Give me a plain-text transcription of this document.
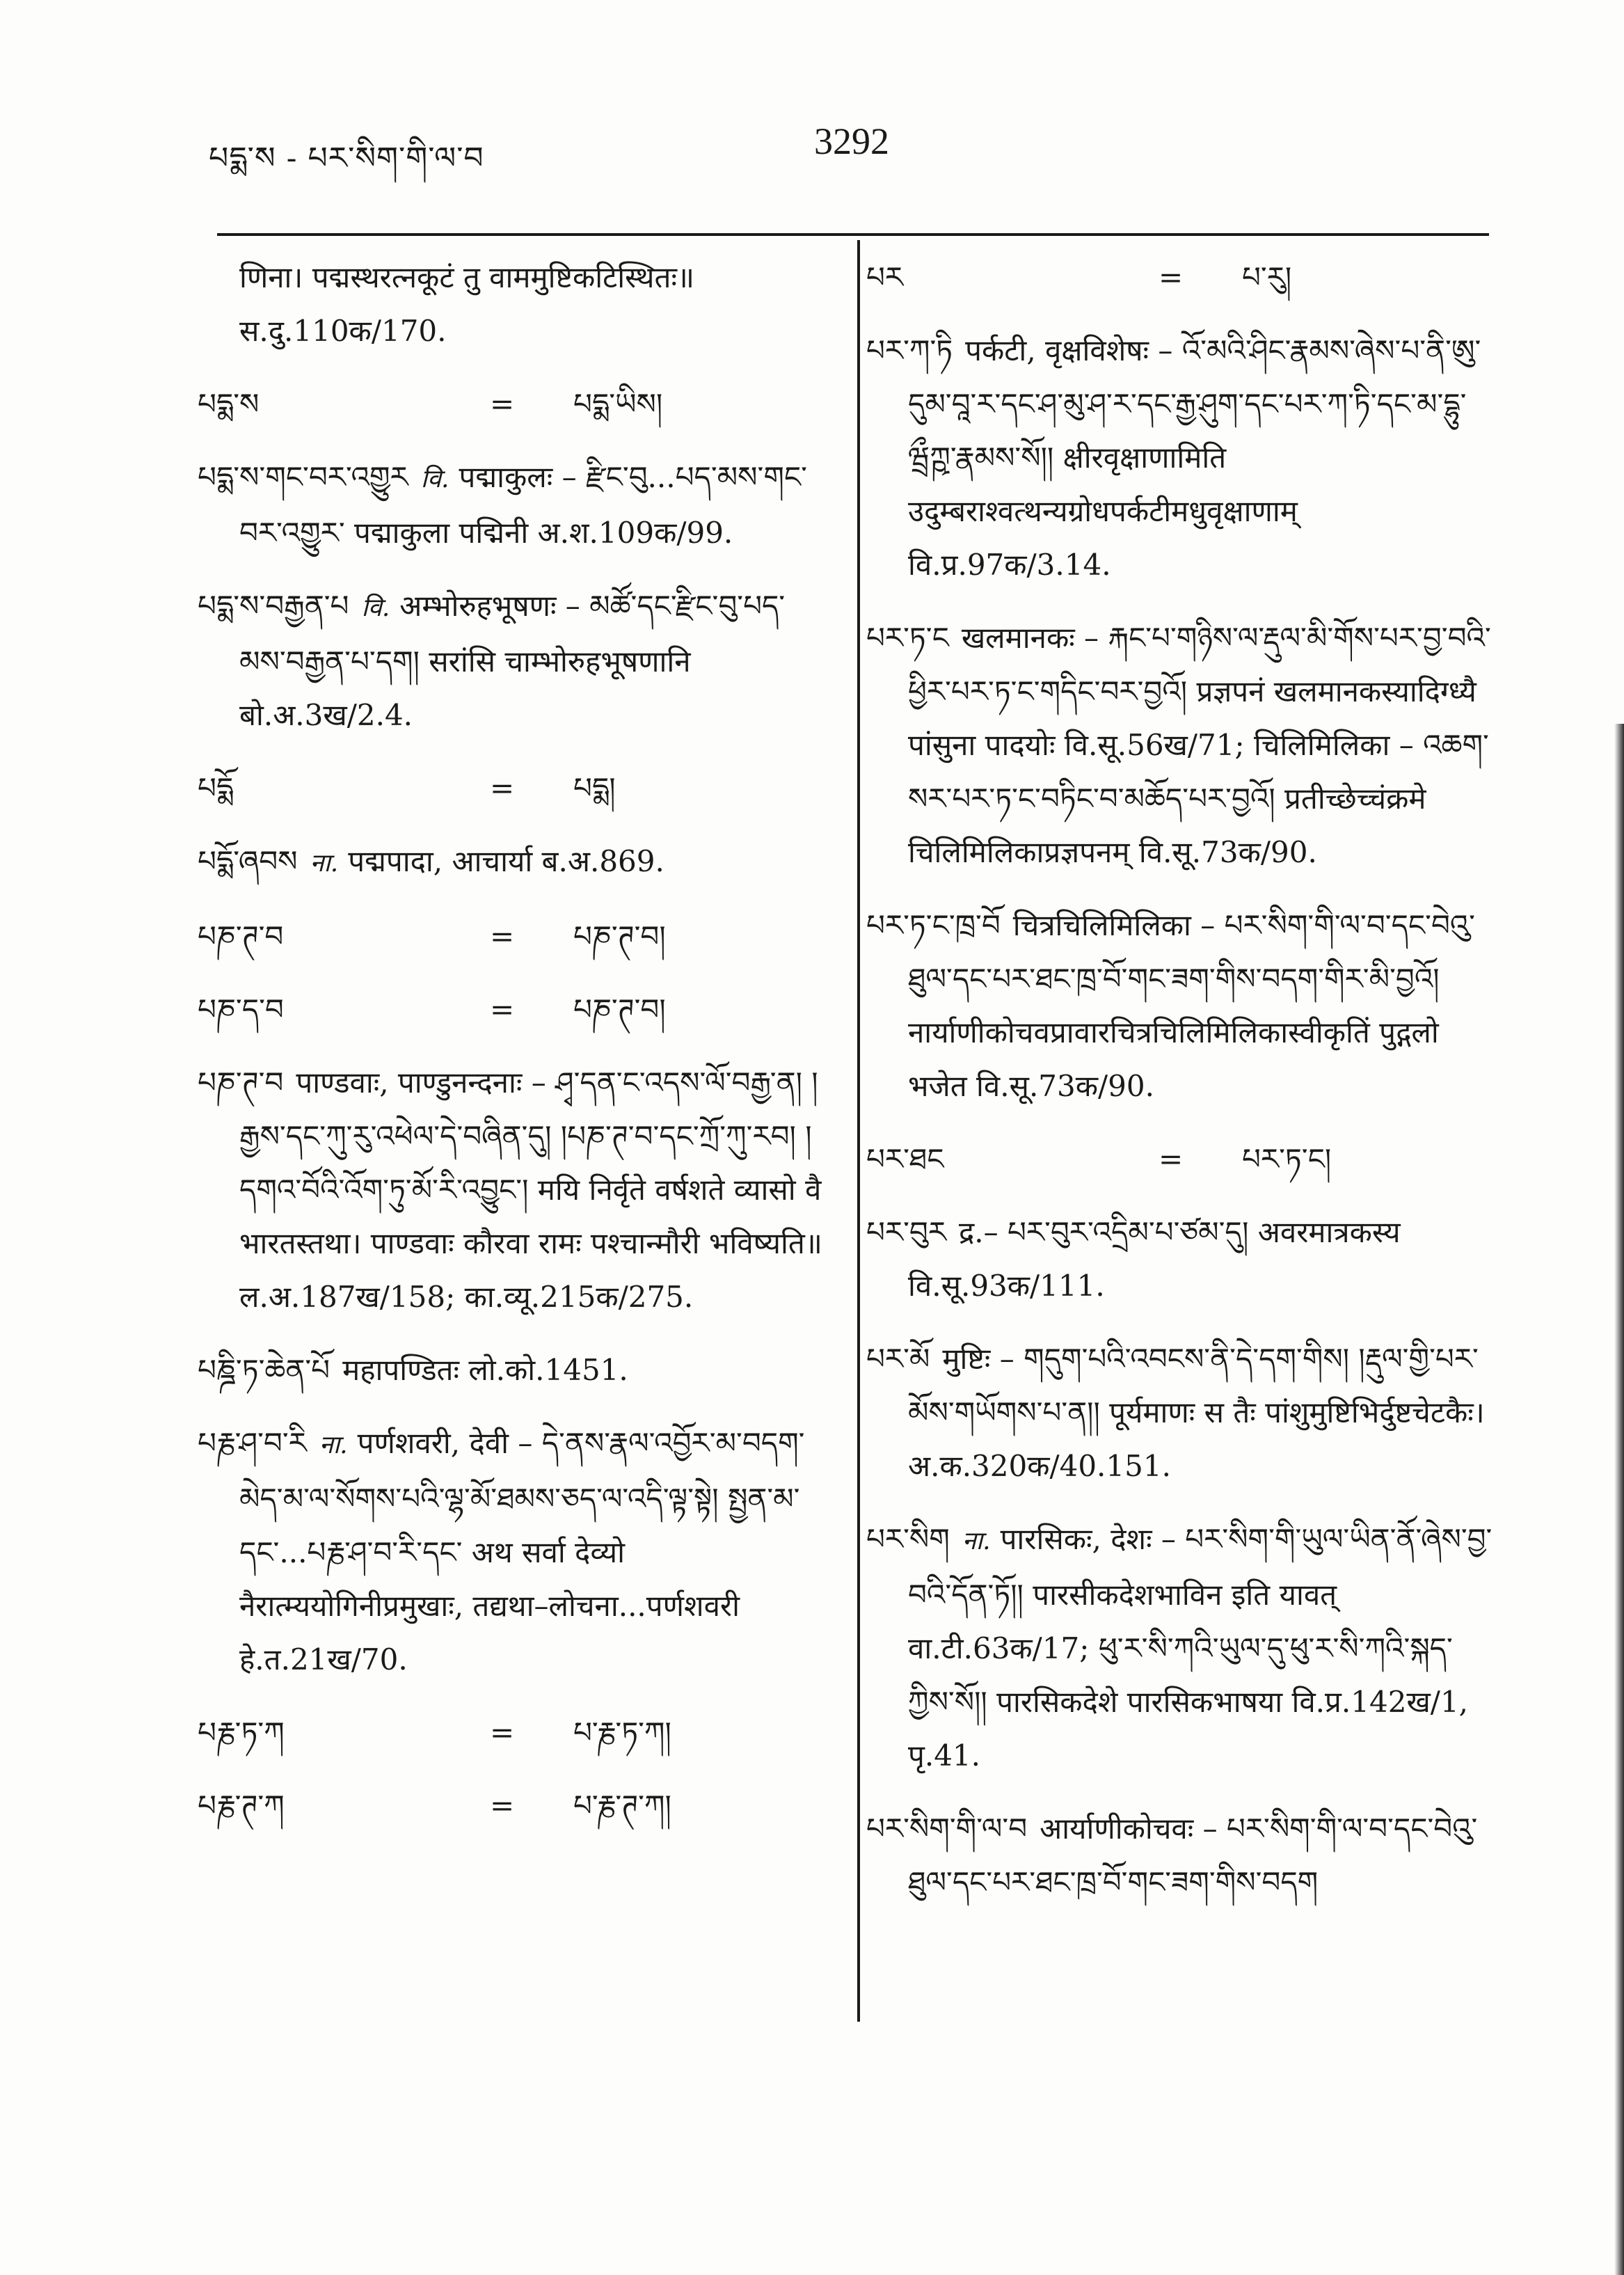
པདྨ་ས - པར་སིག་གི་ལ་བ	3292
णिना। पद्मस्थरत्नकूटं तु वाममुष्टिकटिस्थितः॥ स.दु.110क/170.
པདྨ་ས	=	པདྨ་ཡིས།
པདྨ་ས་གང་བར་འགྱུར वि. पद्माकुलः – རྫིང་བུ...པད་མས་གང་བར་འགྱུར་ पद्माकुला पद्मिनी अ.श.109क/99.
པདྨ་ས་བརྒྱན་པ वि. अम्भोरुहभूषणः – མཚོ་དང་རྫིང་བུ་པད་མས་བརྒྱན་པ་དག། सरांसि चाम्भोरुहभूषणानि बो.अ.3ख/2.4.
པདྨོ	=	པདྨ།
པདྨོ་ཞབས ना. पद्मपादा, आचार्या ब.अ.869.
པཎ་ཊ་བ	=	པཎ་ཊ་བ།
པཎ་ད་བ	=	པཎ་ཊ་བ།
པཎ་ཊ་བ पाण्डवाः, पाण्डुनन्दनाः – ཤྭ་དན་ང་འདས་ལོ་བརྒྱ་ན། །རྒྱས་དང་ཀུ་རུ་འཕེལ་དེ་བཞིན་དུ། །པཎ་ཊ་བ་དང་ཀྲོ་ཀུ་རབ། །དགའ་བོའི་འོག་ཏུ་མོ་རི་འབྱུང་། मयि निर्वृते वर्षशते व्यासो वै भारतस्तथा। पाण्डवाः कौरवा रामः पश्चान्मौरी भविष्यति॥ ल.अ.187ख/158; का.व्यू.215क/275.
པཎྜི་ཏ་ཆེན་པོ महापण्डितः लो.को.1451.
པརྞ་ཤ་བ་རི ना. पर्णशवरी, देवी – དེ་ནས་རྣལ་འབྱོར་མ་བདག་མེད་མ་ལ་སོགས་པའི་ལྷ་མོ་ཐམས་ཅད་ལ་འདི་ལྟ་སྟེ། སྤྱན་མ་དང་...པརྞ་ཤ་བ་རི་དང་ अथ सर्वा देव्यो नैरात्म्ययोगिनीप्रमुखाः, तद्यथा–लोचना...पर्णशवरी हे.त.21ख/70.
པརྞ་ཏ་ཀ	=	པ་རྞ་ཏ་ཀ།
པརྞ་ཊ་ཀ	=	པ་རྞ་ཊ་ཀ།
པར	=	པ་རུ།
པར་ཀ་ཏི पर्कटी, वृक्षविशेषः – འོ་མའི་ཤིང་རྣམས་ཞེས་པ་ནི་ཨུ་དུམ་བཱ་ར་དང་ཤ་མུ་ཤ་ར་དང་རྒྱ་ཤུག་དང་པར་ཀ་ཏི་དང་མ་དྷུ་ཝྲྀཀྵ་རྣམས་སོ།། क्षीरवृक्षाणामिति उदुम्बराश्वत्थन्यग्रोधपर्कटीमधुवृक्षाणाम् वि.प्र.97क/3.14.
པར་ཏ་ང खलमानकः – རྐང་པ་གཉིས་ལ་རྡུལ་མི་གོས་པར་བྱ་བའི་ཕྱིར་པར་ཏ་ང་གདིང་བར་བྱའོ། प्रज्ञपनं खलमानकस्यादिग्ध्यै पांसुना पादयोः वि.सू.56ख/71; चिलिमिलिका – འཆག་སར་པར་ཏ་ང་བཏིང་བ་མཆོད་པར་བྱའོ། प्रतीच्छेच्चंक्रमे चिलिमिलिकाप्रज्ञपनम् वि.सू.73क/90.
པར་ཏ་ང་ཁྲ་བོ चित्रचिलिमिलिका – པར་སིག་གི་ལ་བ་དང་བེའུ་ཐུལ་དང་པར་ཐང་ཁྲ་བོ་གང་ཟག་གིས་བདག་གིར་མི་བྱའོ། नार्याणीकोचवप्रावारचित्रचिलिमिलिकास्वीकृतिं पुद्गलो भजेत वि.सू.73क/90.
པར་ཐང	=	པར་ཏ་ང།
པར་བུར द्र.– པར་བུར་འདྲིམ་པ་ཙམ་དུ། अवरमात्रकस्य वि.सू.93क/111.
པར་མོ मुष्टिः – གདུག་པའི་འབངས་ནི་དེ་དག་གིས། །རྡུལ་གྱི་པར་མོས་གཡོགས་པ་ན།། पूर्यमाणः स तैः पांशुमुष्टिभिर्दुष्टचेटकैः। अ.क.320क/40.151.
པར་སིག ना. पारसिकः, देशः – པར་སིག་གི་ཡུལ་ཡིན་ནོ་ཞེས་བྱ་བའི་དོན་ཏོ།། पारसीकदेशभाविन इति यावत् वा.टी.63क/17; ཕུ་ར་སི་ཀའི་ཡུལ་དུ་ཕུ་ར་སི་ཀའི་སྐད་ཀྱིས་སོ།། पारसिकदेशे पारसिकभाषया वि.प्र.142ख/1, पृ.41.
པར་སིག་གི་ལ་བ आर्याणीकोचवः – པར་སིག་གི་ལ་བ་དང་བེའུ་ཐུལ་དང་པར་ཐང་ཁྲ་བོ་གང་ཟག་གིས་བདག
